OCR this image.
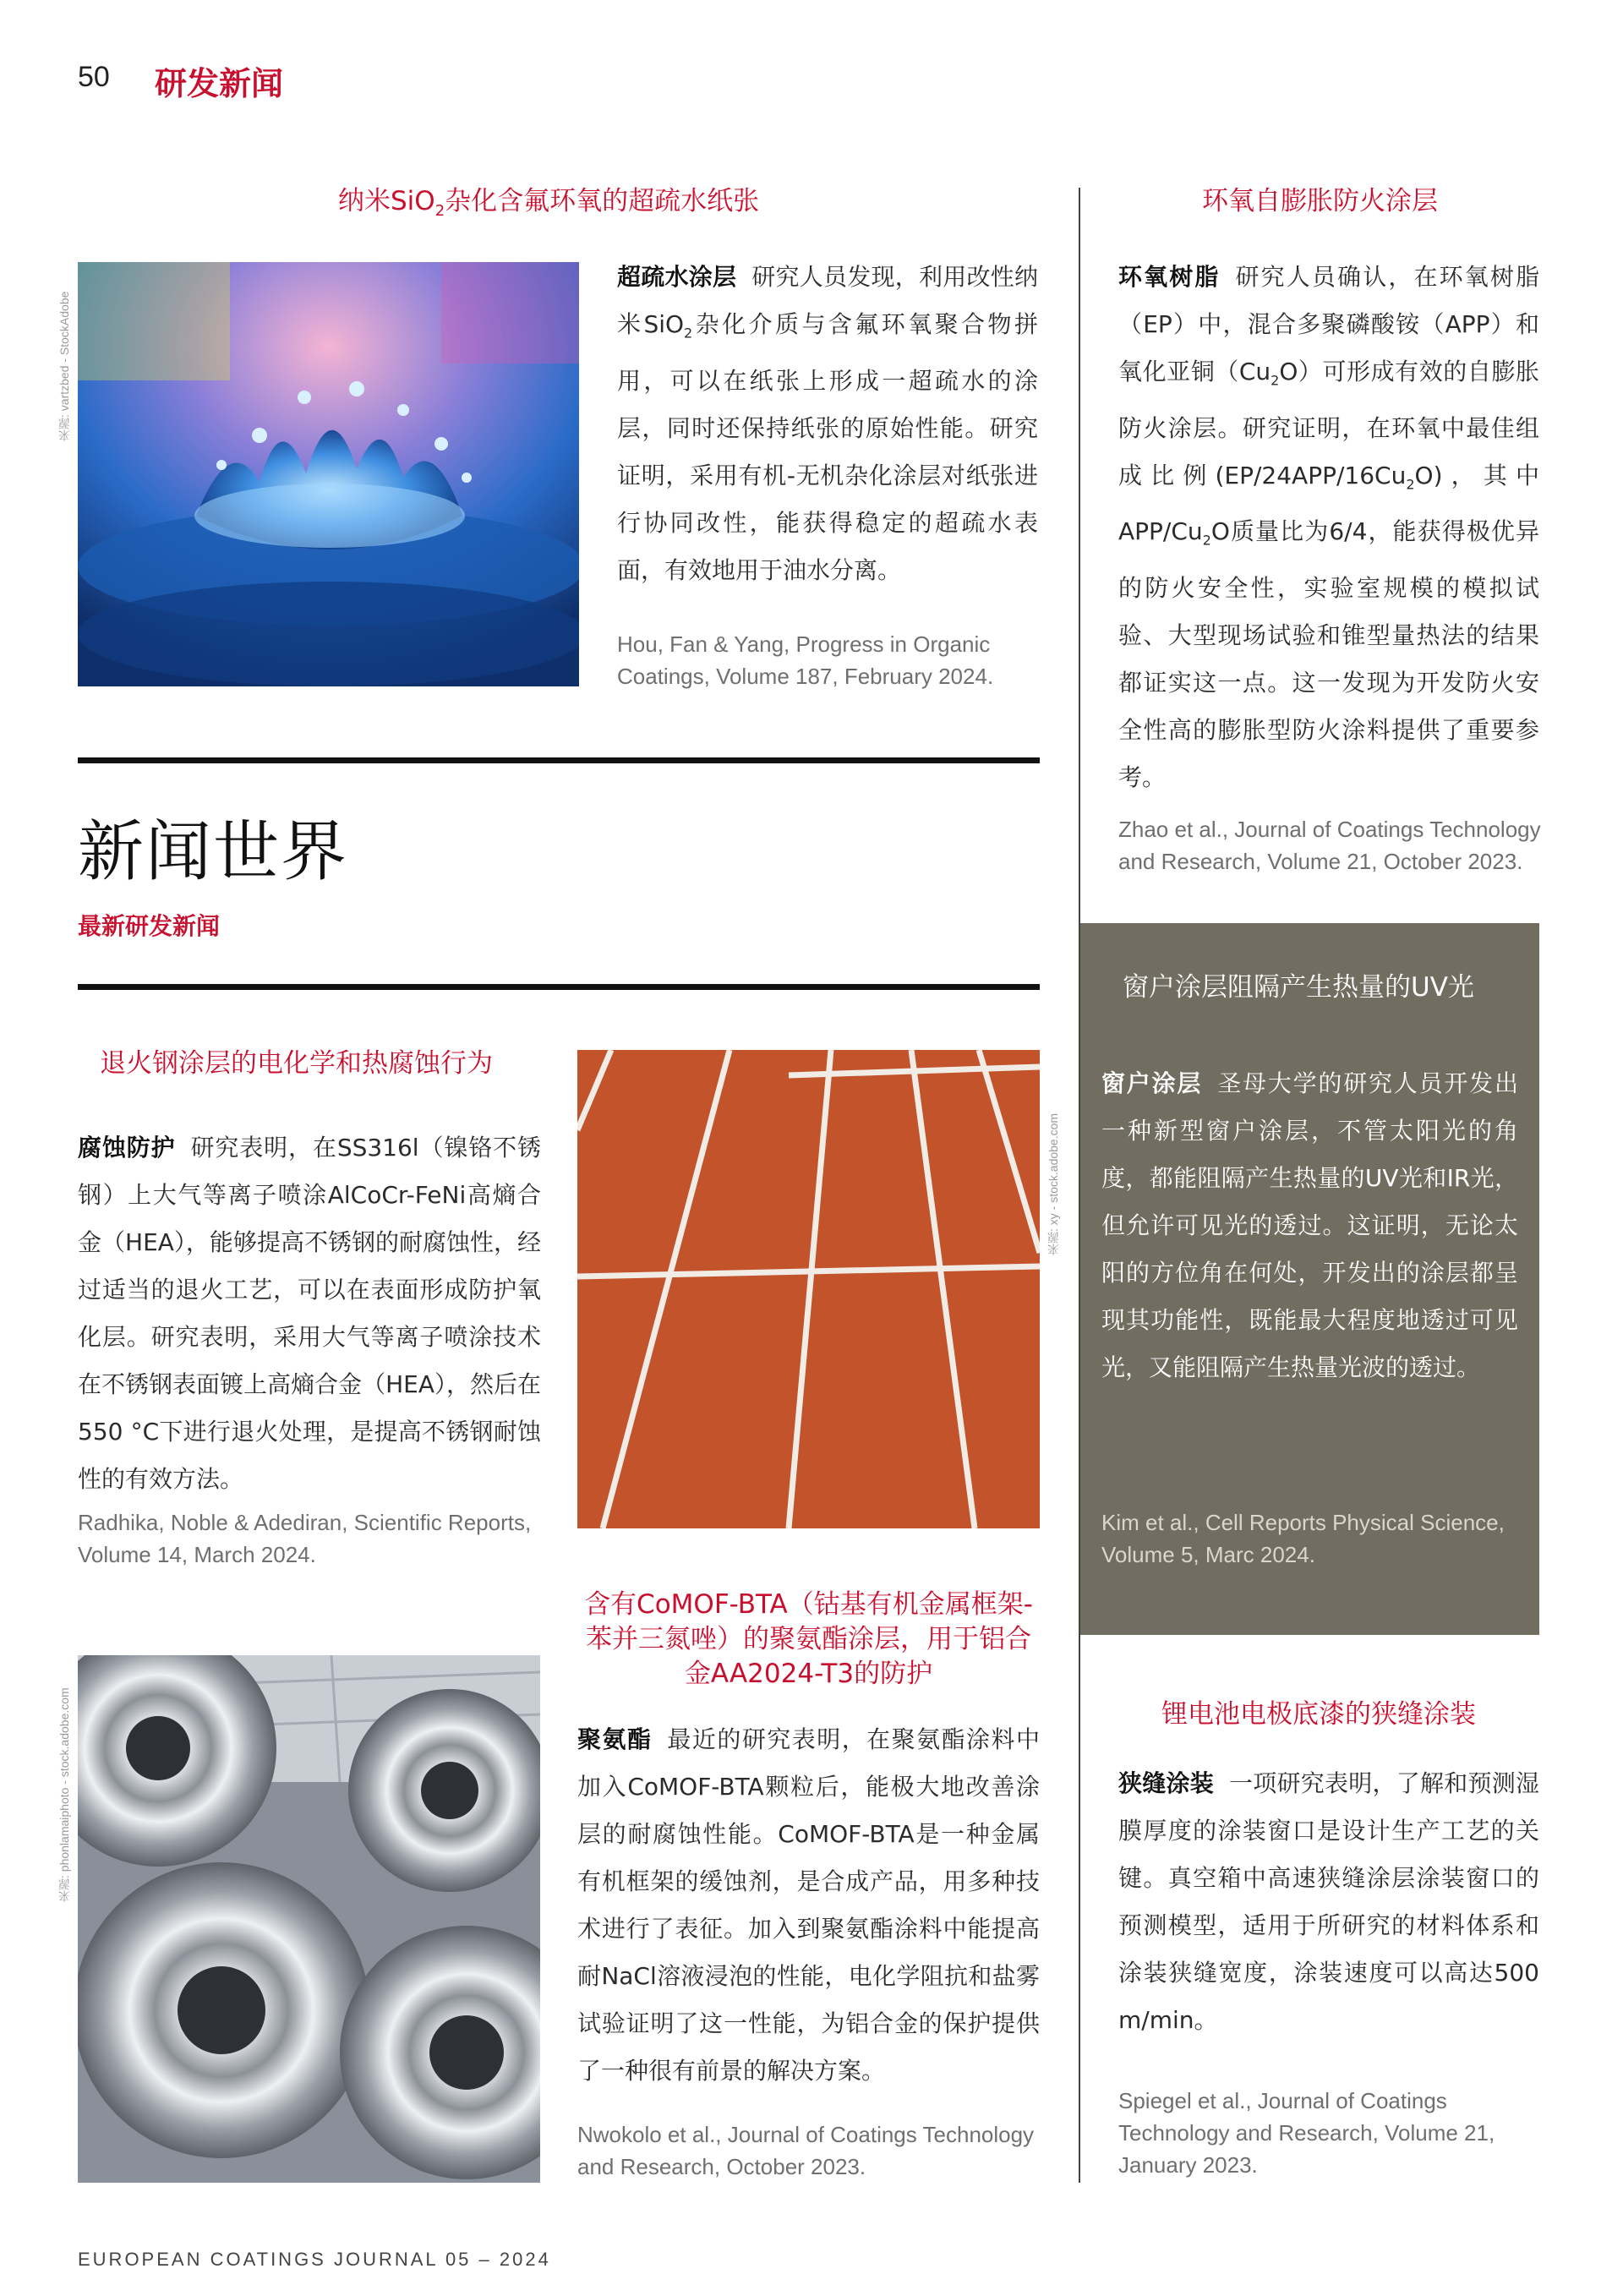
50 研发新闻
纳米SiO$_2$杂化含氟环氧的超疏水纸张
来源: vartzbed - StockAdobe

超疏水涂层 研究人员发现，利用改性纳米SiO$_2$杂化介质与含氟环氧聚合物拼用，可以在纸张上形成一超疏水的涂层，同时还保持纸张的原始性能。研究证明，采用有机-无机杂化涂层对纸张进行协同改性，能获得稳定的超疏水表面，有效地用于油水分离。

Hou, Fan & Yang, Progress in Organic Coatings, Volume 187, February 2024.
环氧自膨胀防火涂层

环氧树脂 研究人员确认，在环氧树脂（EP）中，混合多聚磷酸铵（APP）和氧化亚铜$(Cu_2O)$可形成有效的自膨胀防火涂层。研究证明，在环氧中最佳组成比例$(EP/24APP/16Cu_2O)$，其中APP/$Cu_2O$质量比为6/4，能获得极优异的防火安全性，实验室规模的模拟试验、大型现场试验和锥型量热法的结果都证实这一点。这一发现为开发防火安全性高的膨胀型防火涂料提供了重要参考。

Zhao et al., Journal of Coatings Technology and Research, Volume 21, October 2023.
新闻世界
最新研发新闻
退火钢涂层的电化学和热腐蚀行为

腐蚀防护 研究表明，在SS316l（镍铬不锈钢）上大气等离子喷涂AlCoCr-FeNi高熵合金（HEA），能够提高不锈钢的耐腐蚀性，经过适当的退火工艺，可以在表面形成防护氧化层。研究表明，采用大气等离子喷涂技术在不锈钢表面镀上高熵合金（HEA），然后在550 °C下进行退火处理，是提高不锈钢耐蚀性的有效方法。

Radhika, Noble & Adediran, Scientific Reports, Volume 14, March 2024.
来源: xy - stock.adobe.com
窗户涂层阻隔产生热量的UV光

窗户涂层 圣母大学的研究人员开发出一种新型窗户涂层，不管太阳光的角度，都能阻隔产生热量的UV光和IR光，但允许可见光的透过。这证明，无论太阳的方位角在何处，开发出的涂层都呈现其功能性，既能最大程度地透过可见光，又能阻隔产生热量光波的透过。

Kim et al., Cell Reports Physical Science, Volume 5, Marc 2024.
含有CoMOF-BTA（钴基有机金属框架-苯并三氮唑）的聚氨酯涂层，用于铝合金AA2024-T3的防护
来源: phonlamaiphoto - stock.adobe.com	聚氨酯 最近的研究表明，在聚氨酯涂料中加入CoMOF-BTA颗粒后，能极大地改善涂层的耐腐蚀性能。CoMOF-BTA是一种金属有机框架的缓蚀剂，是合成产品，用多种技术进行了表征。加入到聚氨酯涂料中能提高耐NaCl溶液浸泡的性能，电化学阻抗和盐雾试验证明了这一性能，为铝合金的保护提供了一种很有前景的解决方案。

Nwokolo et al., Journal of Coatings Technology and Research, October 2023.
锂电池电极底漆的狭缝涂装

狭缝涂装 一项研究表明，了解和预测湿膜厚度的涂装窗口是设计生产工艺的关键。真空箱中高速狭缝涂层涂装窗口的预测模型，适用于所研究的材料体系和涂装狭缝宽度，涂装速度可以高达500 m/min。

Spiegel et al., Journal of Coatings Technology and Research, Volume 21, January 2023.
EUROPEAN COATINGS JOURNAL 05 – 2024
